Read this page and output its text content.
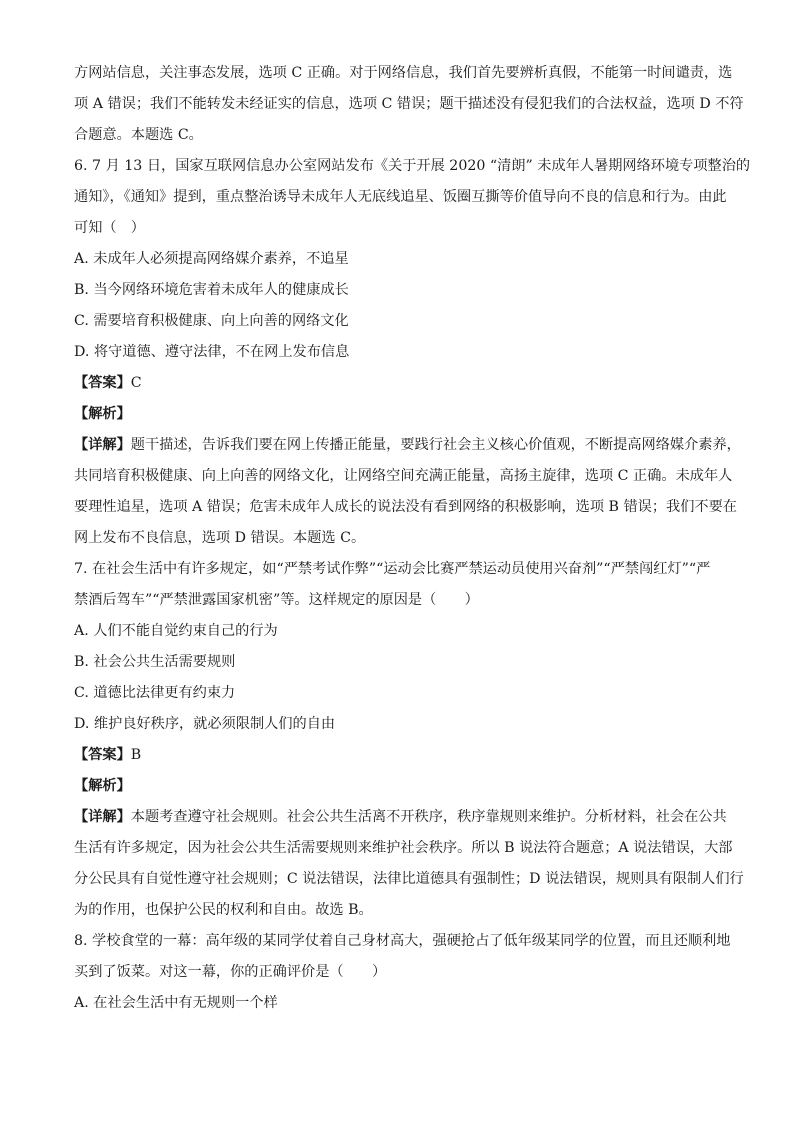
方网站信息，关注事态发展，选项 C 正确。对于网络信息，我们首先要辨析真假，不能第一时间谴责，选
项 A 错误；我们不能转发未经证实的信息，选项 C 错误；题干描述没有侵犯我们的合法权益，选项 D 不符
合题意。本题选 C。
6. 7 月 13 日，国家互联网信息办公室网站发布《关于开展 2020 “清朗” 未成年人暑期网络环境专项整治的
通知》，《通知》提到，重点整治诱导未成年人无底线追星、饭圈互撕等价值导向不良的信息和行为。由此
可知（　）
A. 未成年人必须提高网络媒介素养，不追星
B. 当今网络环境危害着未成年人的健康成长
C. 需要培育积极健康、向上向善的网络文化
D. 将守道德、遵守法律，不在网上发布信息
【答案】C
【解析】
【详解】题干描述，告诉我们要在网上传播正能量，要践行社会主义核心价值观，不断提高网络媒介素养，
共同培育积极健康、向上向善的网络文化，让网络空间充满正能量，高扬主旋律，选项 C 正确。未成年人
要理性追星，选项 A 错误；危害未成年人成长的说法没有看到网络的积极影响，选项 B 错误；我们不要在
网上发布不良信息，选项 D 错误。本题选 C。
7. 在社会生活中有许多规定，如“严禁考试作弊”“运动会比赛严禁运动员使用兴奋剂”“严禁闯红灯”“严
禁酒后驾车”“严禁泄露国家机密”等。这样规定的原因是（　　）
A. 人们不能自觉约束自己的行为
B. 社会公共生活需要规则
C. 道德比法律更有约束力
D. 维护良好秩序，就必须限制人们的自由
【答案】B
【解析】
【详解】本题考查遵守社会规则。社会公共生活离不开秩序，秩序靠规则来维护。分析材料，社会在公共
生活有许多规定，因为社会公共生活需要规则来维护社会秩序。所以 B 说法符合题意；A 说法错误，大部
分公民具有自觉性遵守社会规则；C 说法错误，法律比道德具有强制性；D 说法错误，规则具有限制人们行
为的作用，也保护公民的权利和自由。故选 B。
8. 学校食堂的一幕：高年级的某同学仗着自己身材高大，强硬抢占了低年级某同学的位置，而且还顺利地
买到了饭菜。对这一幕，你的正确评价是（　　）
A. 在社会生活中有无规则一个样
